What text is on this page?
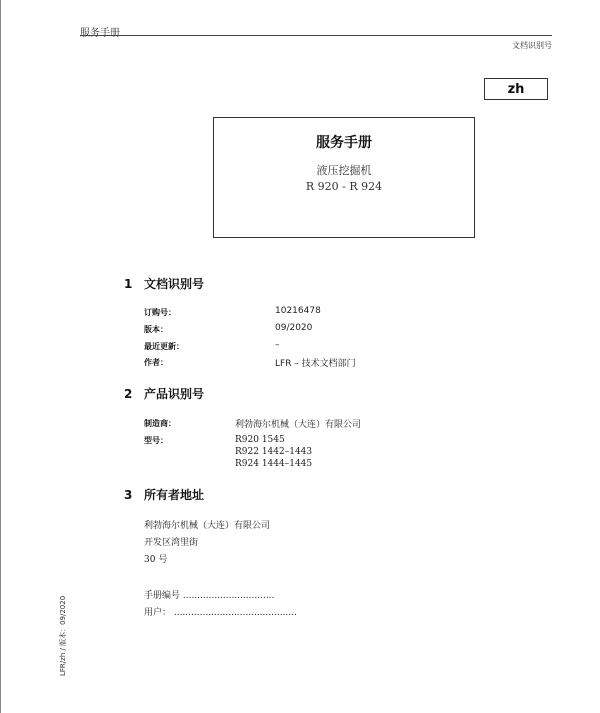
服务手册
文档识别号
zh
服务手册
液压挖掘机
R 920 - R 924
1 文档识别号
订购号：	10216478
版本：	09/2020
最近更新：	–
作者：	LFR – 技术文档部门
2 产品识别号
制造商：	利勃海尔机械（大连）有限公司
型号：	R920 1545
R922 1442–1443
R924 1444–1445
3 所有者地址
利勃海尔机械（大连）有限公司
开发区湾里街
30 号
手册编号 ................................
用户： ...........................................
LFR/zh / 版本：09/2020
